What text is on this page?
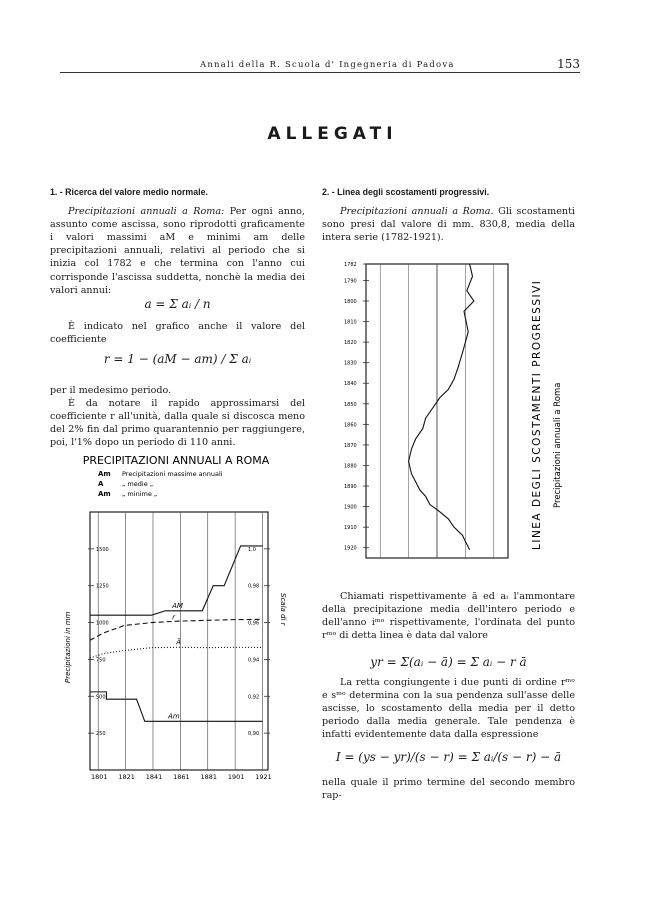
Annali della R. Scuola d' Ingegneria di Padova	153
ALLEGATI
1. - Ricerca del valore medio normale.
Precipitazioni annuali a Roma: Per ogni anno, assunto come ascissa, sono riprodotti graficamente i valori massimi aM e minimi am delle precipitazioni annuali, relativi al periodo che si inizia col 1782 e che termina con l'anno cui corrisponde l'ascissa suddetta, nonchè la media dei valori annui:
a = Σ aᵢ / n
È indicato nel grafico anche il valore del coefficiente
r = 1 − (aM − am) / Σ aᵢ
per il medesimo periodo.
È da notare il rapido approssimarsi del coefficiente r all'unità, dalla quale si discosca meno del 2% fin dal primo quarantennio per raggiungere, poi, l'1% dopo un periodo di 110 anni.
PRECIPITAZIONI ANNUALI A ROMA
Am Precipitazioni massime annuali
A	„ medie „
Am „ minime „
1801 1821 1841 1861 1881 1901 1921
1500	1,0
1250	0,98
1000	0,96
750	0,94
500	0,92
250	0,90
Precipitazioni in mm
Scala di r
AM
r
Ā
Am
2. - Linea degli scostamenti progressivi.
Precipitazioni annuali a Roma. Gli scostamenti sono presi dal valore di mm. 830,8, media della intera serie (1782-1921).
1782
1790
1800
1810
1820
1830
1840
1850
1860
1870
1880
1890
1900
1910
1920	LINEA DEGLI SCOSTAMENTI PROGRESSIVI Precipitazioni annuali a Roma
Chiamati rispettivamente ā ed aᵢ l'ammontare della precipitazione media dell'intero periodo e dell'anno iᵐᵒ rispettivamente, l'ordinata del punto rᵐᵒ di detta linea è data dal valore
yr = Σ(aᵢ − ā) = Σ aᵢ − r ā
La retta congiungente i due punti di ordine rᵐᵒ e sᵐᵒ determina con la sua pendenza sull'asse delle ascisse, lo scostamento della media per il detto periodo dalla media generale. Tale pendenza è infatti evidentemente data dalla espressione
I = (ys − yr)/(s − r) = Σ aᵢ/(s − r) − ā
nella quale il primo termine del secondo membro rap-
